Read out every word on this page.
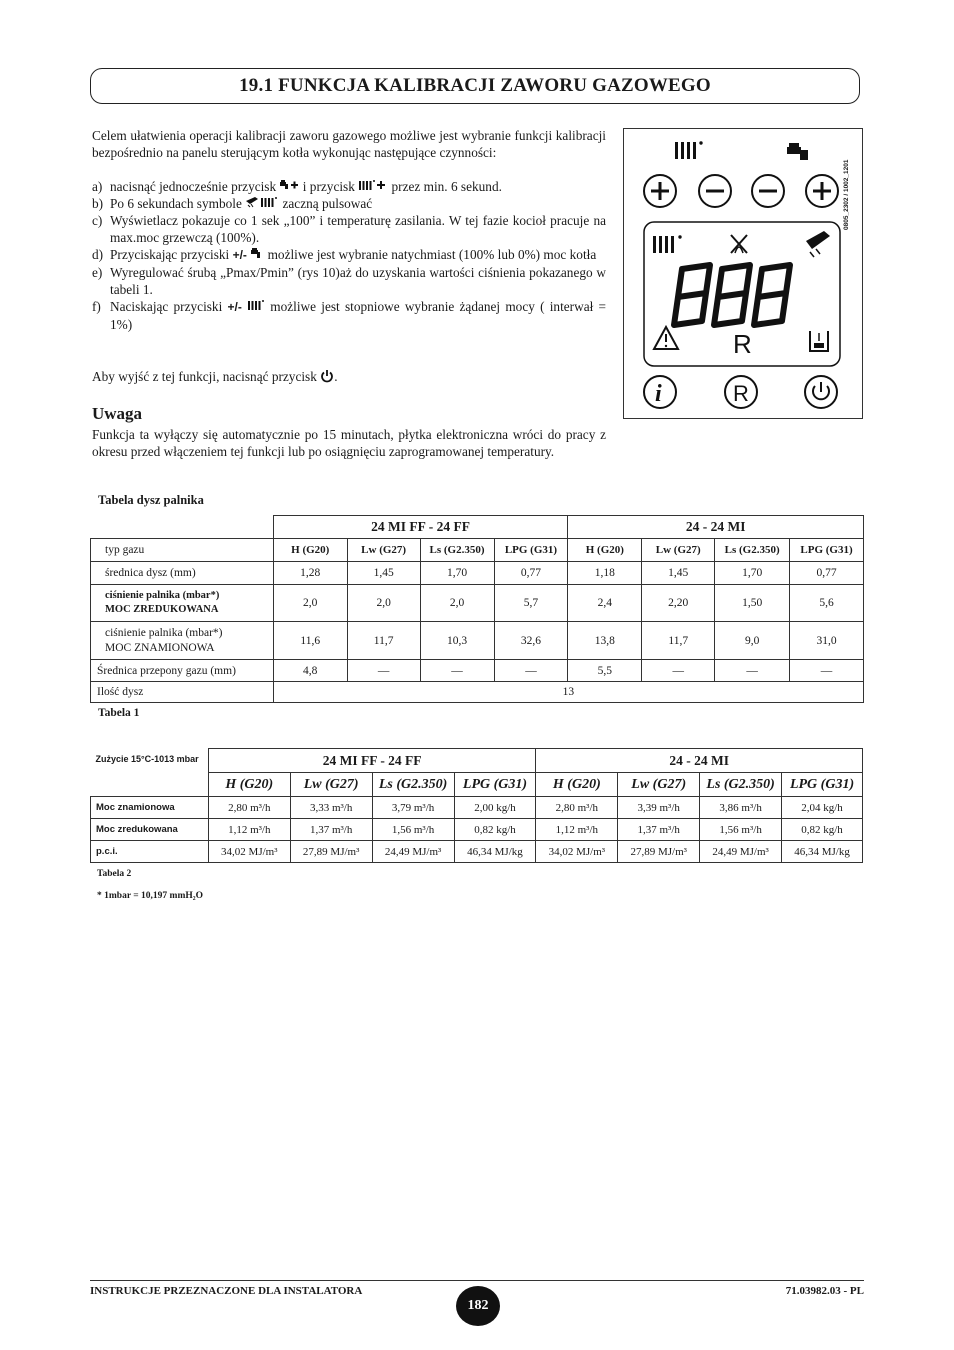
19.1 FUNKCJA KALIBRACJI ZAWORU GAZOWEGO
Celem ułatwienia operacji kalibracji zaworu gazowego możliwe jest wybranie funkcji kalibracji bezpośrednio na panelu sterującym kotła wykonując następujące czynności:
a) nacisnąć jednocześnie przycisk  i przycisk  przez min. 6 sekund.
b) Po 6 sekundach symbole	zaczną pulsować
c) Wyświetlacz pokazuje co 1 sek „100” i temperaturę zasilania. W tej fazie kocioł pracuje na max.moc grzewczą (100%).
d) Przyciskając przyciski +/-  możliwe jest wybranie natychmiast (100% lub 0%) moc kotła
e) Wyregulować śrubą „Pmax/Pmin” (rys 10)aż do uzyskania wartości ciśnienia pokazanego w tabeli 1.
f) Naciskając przyciski +/-  możliwe jest stopniowe wybranie żądanej mocy ( interwał = 1%)
Aby wyjść z tej funkcji, nacisnąć przycisk .
Uwaga
Funkcja ta wyłączy się automatycznie po 15 minutach, płytka elektroniczna wróci do pracy z okresu przed włączeniem tej funkcji lub po osiągnięciu zaprogramowanej temperatury.
R
i	R
0805_2302 / 1002_1201
Tabela dysz palnika
	24 MI FF - 24 FF				24 - 24 MI			
typ gazu	H (G20)	Lw (G27)	Ls (G2.350)	LPG (G31)	H (G20)	Lw (G27)	Ls (G2.350)	LPG (G31)
średnica dysz (mm)	1,28	1,45	1,70	0,77	1,18	1,45	1,70	0,77

ciśnienie palnika (mbar*)
MOC ZREDUKOWANA	2,0	2,0	2,0	5,7	2,4	2,20	1,50	5,6

ciśnienie palnika (mbar*)
MOC ZNAMIONOWA	11,6	11,7	10,3	32,6	13,8	11,7	9,0	31,0
Średnica przepony gazu (mm)	4,8	—	—	—	5,5	—	—	—
Ilość dysz	13							
Tabela 1
Zużycie 15°C-1013 mbar	24 MI FF - 24 FF				24 - 24 MI			
	H (G20)	Lw (G27)	Ls (G2.350)	LPG (G31)	H (G20)	Lw (G27)	Ls (G2.350)	LPG (G31)
Moc znamionowa	2,80 m³/h	3,33 m³/h	3,79 m³/h	2,00 kg/h	2,80 m³/h	3,39 m³/h	3,86 m³/h	2,04 kg/h
Moc zredukowana	1,12 m³/h	1,37 m³/h	1,56 m³/h	0,82 kg/h	1,12 m³/h	1,37 m³/h	1,56 m³/h	0,82 kg/h
p.c.i.	34,02 MJ/m³	27,89 MJ/m³	24,49 MJ/m³	46,34 MJ/kg	34,02 MJ/m³	27,89 MJ/m³	24,49 MJ/m³	46,34 MJ/kg
Tabela 2
* 1mbar = 10,197 mmH₂O
INSTRUKCJE PRZEZNACZONE DLA INSTALATORA
182
71.03982.03 - PL
